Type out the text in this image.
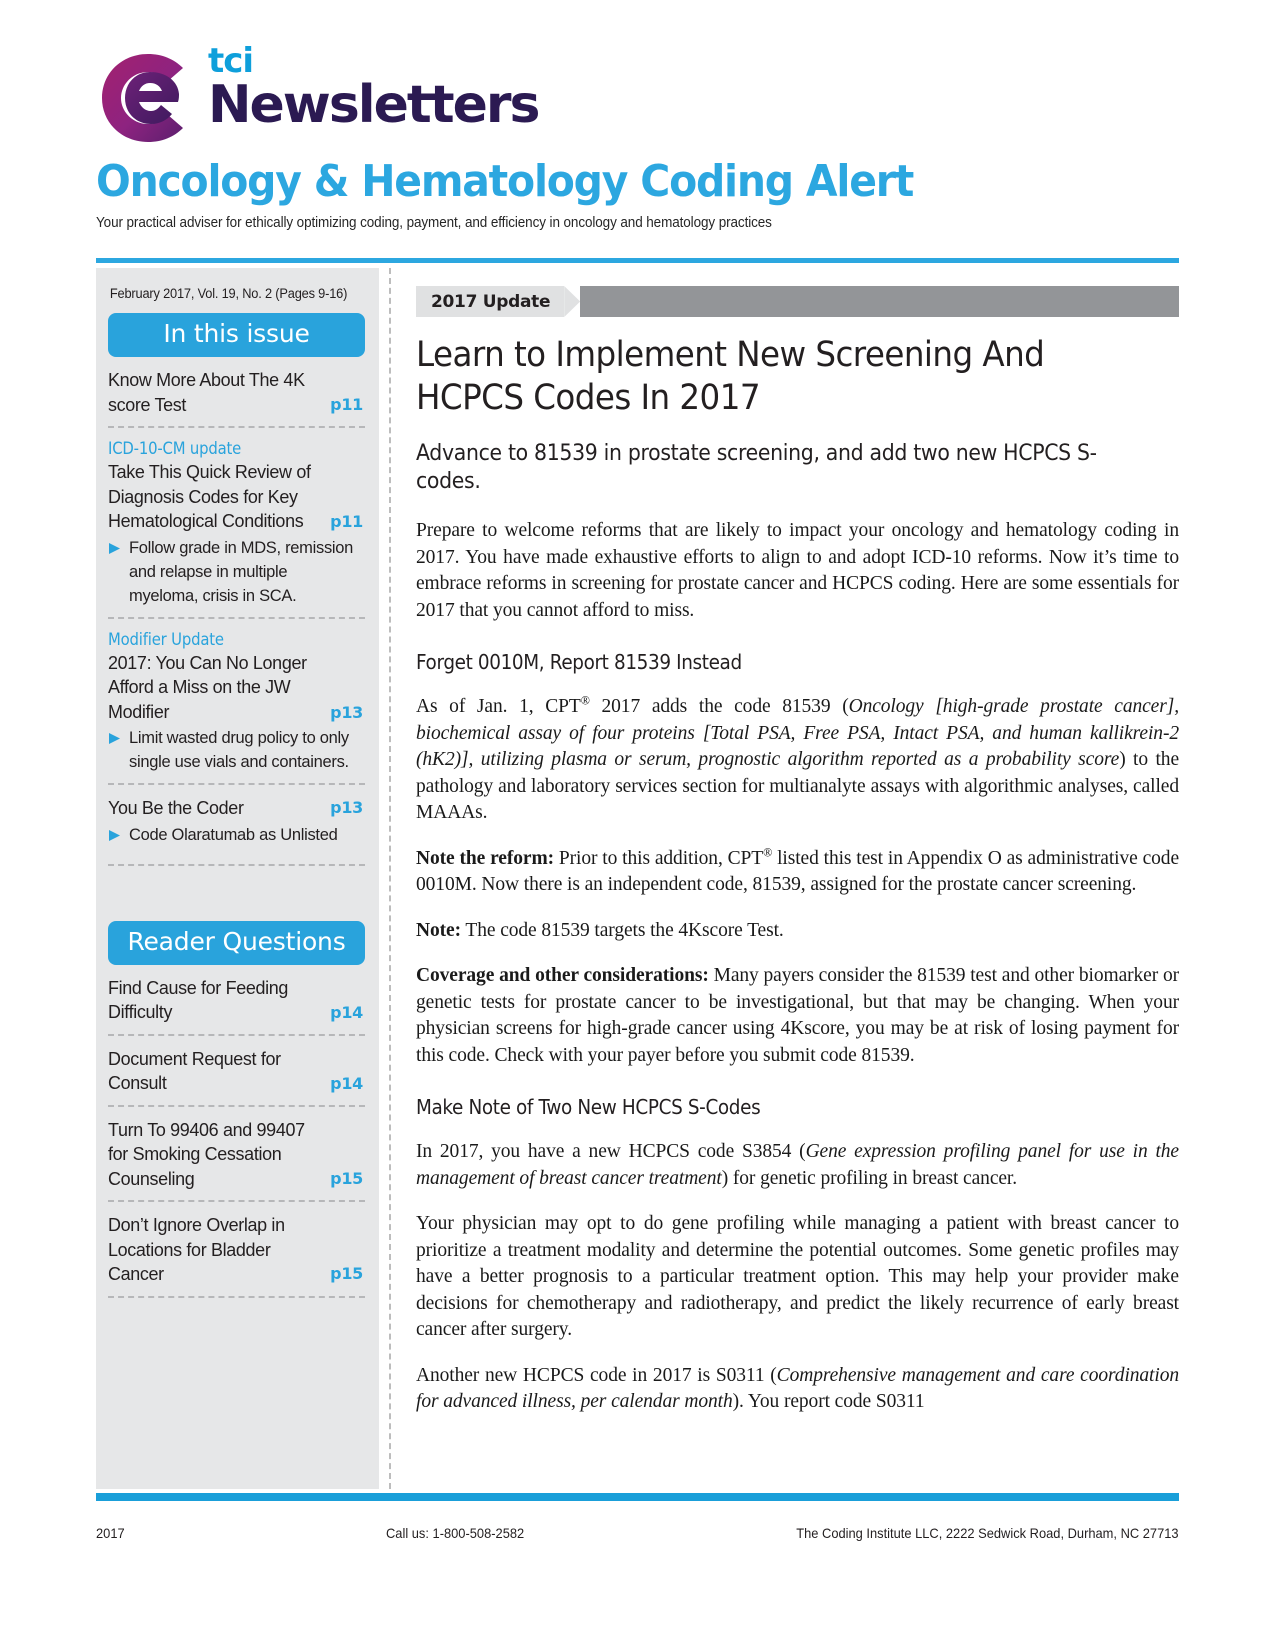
tci
Newsletters
Oncology & Hematology Coding Alert
Your practical adviser for ethically optimizing coding, payment, and efficiency in oncology and hematology practices
February 2017, Vol. 19, No. 2 (Pages 9-16)
In this issue
Know More About The 4K score Test	p11
ICD-10-CM update
Take This Quick Review of Diagnosis Codes for Key Hematological Conditions	p11
Follow grade in MDS, remission and relapse in multiple myeloma, crisis in SCA.
Modifier Update
2017: You Can No Longer Afford a Miss on the JW Modifier	p13
Limit wasted drug policy to only single use vials and containers.
You Be the Coder	p13
Code Olaratumab as Unlisted
Reader Questions
Find Cause for Feeding Difficulty	p14
Document Request for Consult	p14
Turn To 99406 and 99407 for Smoking Cessation Counseling	p15
Don’t Ignore Overlap in Locations for Bladder Cancer	p15
2017 Update
Learn to Implement New Screening And HCPCS Codes In 2017
Advance to 81539 in prostate screening, and add two new HCPCS S-codes.

Prepare to welcome reforms that are likely to impact your oncology and hematology coding in 2017. You have made exhaustive efforts to align to and adopt ICD-10 reforms. Now it’s time to embrace reforms in screening for prostate cancer and HCPCS coding. Here are some essentials for 2017 that you cannot afford to miss.

Forget 0010M, Report 81539 Instead

As of Jan. 1, CPT® 2017 adds the code 81539 (Oncology [high-grade prostate cancer], biochemical assay of four proteins [Total PSA, Free PSA, Intact PSA, and human kallikrein-2 (hK2)], utilizing plasma or serum, prognostic algorithm reported as a probability score) to the pathology and laboratory services section for multianalyte assays with algorithmic analyses, called MAAAs.

Note the reform: Prior to this addition, CPT® listed this test in Appendix O as administrative code 0010M. Now there is an independent code, 81539, assigned for the prostate cancer screening.

Note: The code 81539 targets the 4Kscore Test.

Coverage and other considerations: Many payers consider the 81539 test and other biomarker or genetic tests for prostate cancer to be investigational, but that may be changing. When your physician screens for high-grade cancer using 4Kscore, you may be at risk of losing payment for this code. Check with your payer before you submit code 81539.

Make Note of Two New HCPCS S-Codes

In 2017, you have a new HCPCS code S3854 (Gene expression profiling panel for use in the management of breast cancer treatment) for genetic profiling in breast cancer.

Your physician may opt to do gene profiling while managing a patient with breast cancer to prioritize a treatment modality and determine the potential outcomes. Some genetic profiles may have a better prognosis to a particular treatment option. This may help your provider make decisions for chemotherapy and radiotherapy, and predict the likely recurrence of early breast cancer after surgery.

Another new HCPCS code in 2017 is S0311 (Comprehensive management and care coordination for advanced illness, per calendar month). You report code S0311

2017	Call us: 1-800-508-2582	The Coding Institute LLC, 2222 Sedwick Road, Durham, NC 27713
